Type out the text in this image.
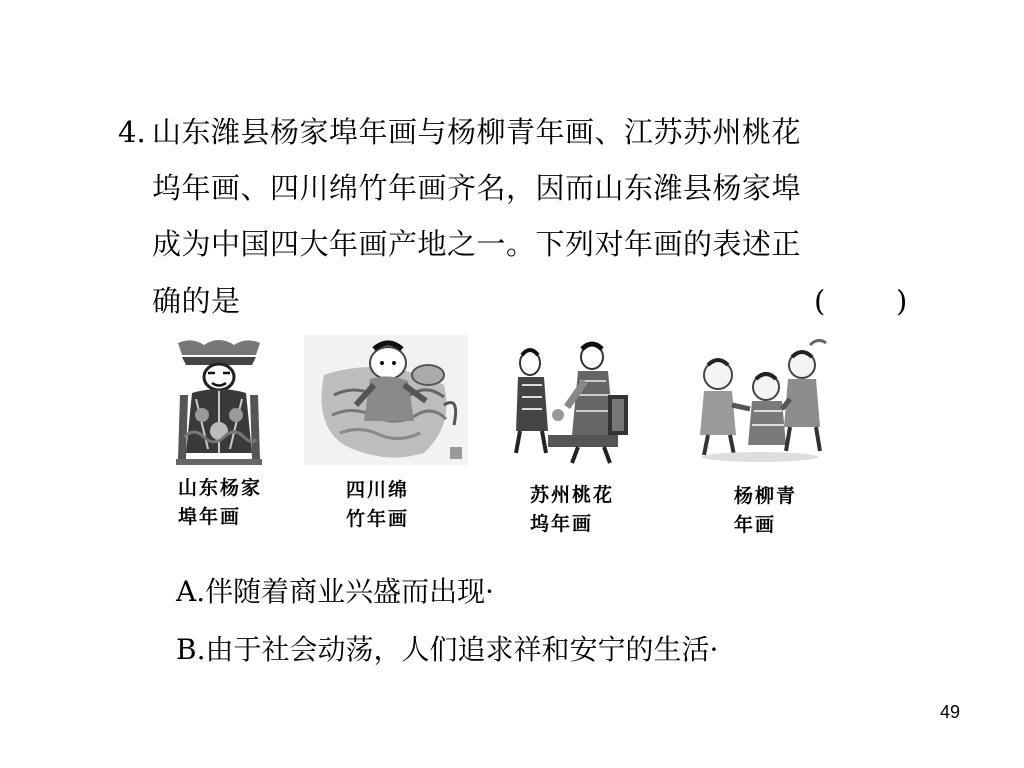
4. 山东潍县杨家埠年画与杨柳青年画、江苏苏州桃花
坞年画、四川绵竹年画齐名，因而山东潍县杨家埠
成为中国四大年画产地之一。下列对年画的表述正
确的是	( )
山东杨家
埠年画
四川绵
竹年画
苏州桃花
坞年画
杨柳青
年画
A.伴随着商业兴盛而出现·
B.由于社会动荡，人们追求祥和安宁的生活·
49
